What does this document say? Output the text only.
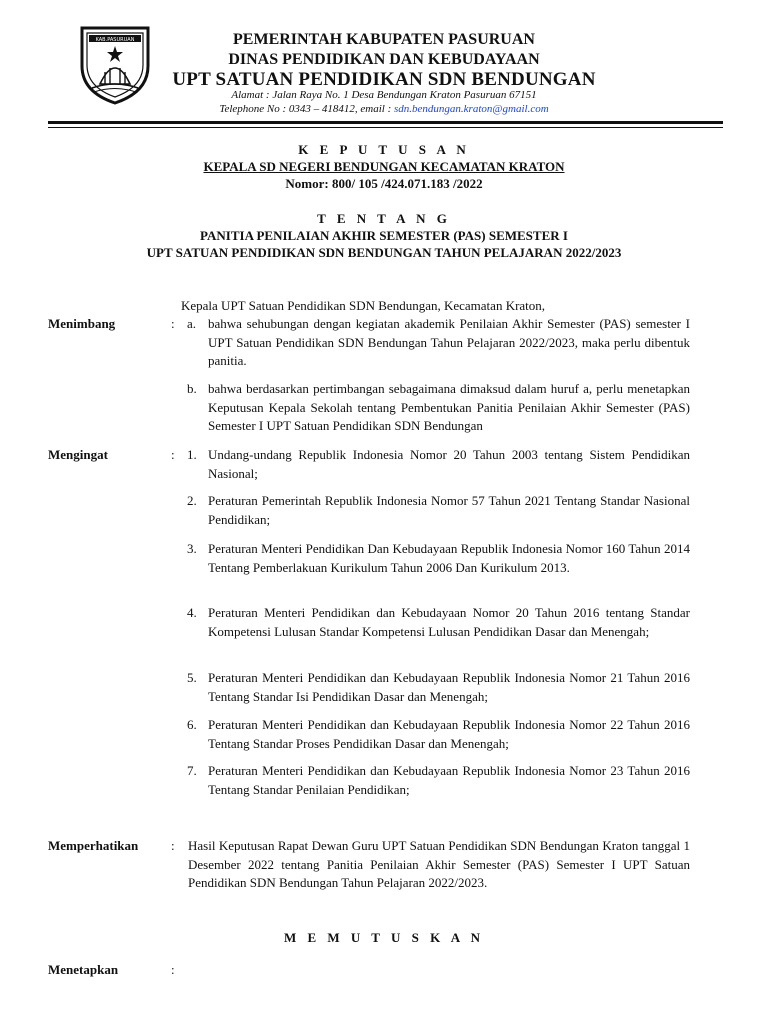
KAB.PASURUAN	PEMERINTAH KABUPATEN PASURUAN
DINAS PENDIDIKAN DAN KEBUDAYAAN
UPT SATUAN PENDIDIKAN SDN BENDUNGAN
Alamat : Jalan Raya No. 1 Desa Bendungan Kraton Pasuruan 67151
Telephone No : 0343 – 418412, email : sdn.bendungan.kraton@gmail.com
K E P U T U S A N
KEPALA SD NEGERI BENDUNGAN KECAMATAN KRATON
Nomor: 800/ 105 /424.071.183 /2022
T E N T A N G
PANITIA PENILAIAN AKHIR SEMESTER (PAS) SEMESTER I
UPT SATUAN PENDIDIKAN SDN BENDUNGAN TAHUN PELAJARAN 2022/2023
Kepala UPT Satuan Pendidikan SDN Bendungan, Kecamatan Kraton,
Menimbang	: a. bahwa sehubungan dengan kegiatan akademik Penilaian Akhir Semester (PAS) semester I UPT Satuan Pendidikan SDN Bendungan Tahun Pelajaran 2022/2023, maka perlu dibentuk panitia.
b. bahwa berdasarkan pertimbangan sebagaimana dimaksud dalam huruf a, perlu menetapkan Keputusan Kepala Sekolah tentang Pembentukan Panitia Penilaian Akhir Semester (PAS) Semester I UPT Satuan Pendidikan SDN Bendungan
Mengingat	: 1. Undang-undang Republik Indonesia Nomor 20 Tahun 2003 tentang Sistem Pendidikan Nasional;
2. Peraturan Pemerintah Republik Indonesia Nomor 57 Tahun 2021 Tentang Standar Nasional Pendidikan;
3. Peraturan Menteri Pendidikan Dan Kebudayaan Republik Indonesia Nomor 160 Tahun 2014 Tentang Pemberlakuan Kurikulum Tahun 2006 Dan Kurikulum 2013.
4. Peraturan Menteri Pendidikan dan Kebudayaan Nomor 20 Tahun 2016 tentang Standar Kompetensi Lulusan Standar Kompetensi Lulusan Pendidikan Dasar dan Menengah;
5. Peraturan Menteri Pendidikan dan Kebudayaan Republik Indonesia Nomor 21 Tahun 2016 Tentang Standar Isi Pendidikan Dasar dan Menengah;
6. Peraturan Menteri Pendidikan dan Kebudayaan Republik Indonesia Nomor 22 Tahun 2016 Tentang Standar Proses Pendidikan Dasar dan Menengah;
7. Peraturan Menteri Pendidikan dan Kebudayaan Republik Indonesia Nomor 23 Tahun 2016 Tentang Standar Penilaian Pendidikan;
Memperhatikan	: Hasil Keputusan Rapat Dewan Guru UPT Satuan Pendidikan SDN Bendungan Kraton tanggal 1 Desember 2022 tentang Panitia Penilaian Akhir Semester (PAS) Semester I UPT Satuan Pendidikan SDN Bendungan Tahun Pelajaran 2022/2023.
M E M U T U S K A N
Menetapkan	:
